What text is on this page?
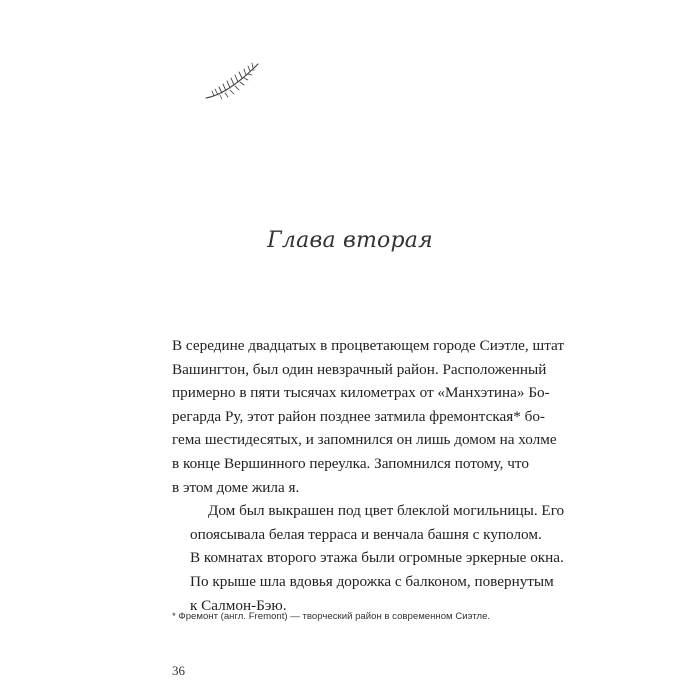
Глава вторая

В середине двадцатых в процветающем городе Сиэтле, штат
Вашингтон, был один невзрачный район. Расположенный
примерно в пяти тысячах километрах от «Манхэтина» Бо-
регарда Ру, этот район позднее затмила фремонтская* бо-
гема шестидесятых, и запомнился он лишь домом на холме
в конце Вершинного переулка. Запомнился потому, что
в этом доме жила я.

Дом был выкрашен под цвет блеклой могильницы. Его
опоясывала белая терраса и венчала башня с куполом.
В комнатах второго этажа были огромные эркерные окна.
По крыше шла вдовья дорожка с балконом, повернутым
к Салмон-Бэю.

* Фремонт (англ. Fremont) — творческий район в современном Сиэтле.
36
